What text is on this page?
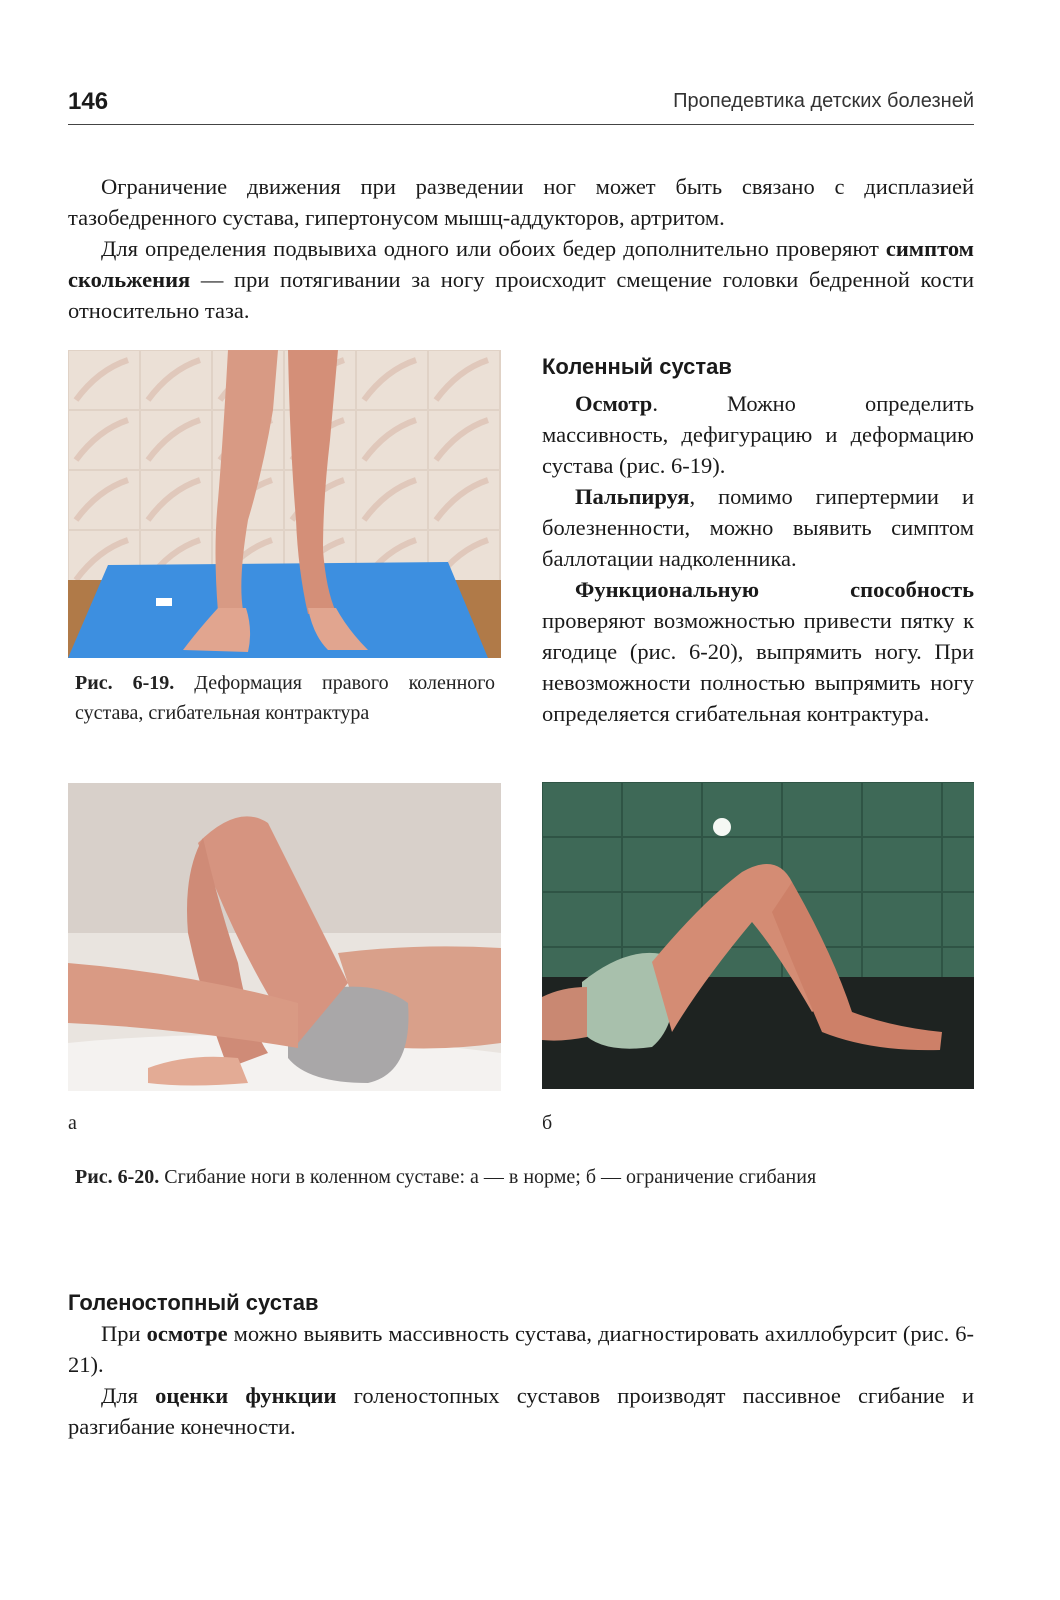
146	Пропедевтика детских болезней

Ограничение движения при разведении ног может быть связано с дисплазией тазобедренного сустава, гипертонусом мышц-аддукторов, артритом.

Для определения подвывиха одного или обоих бедер дополнительно проверяют симптом скольжения — при потягивании за ногу происходит смещение головки бедренной кости относительно таза.

Рис. 6-19. Деформация правого коленного сустава, сгибательная контрактура

Коленный сустав

Осмотр. Можно определить массивность, дефигурацию и деформацию сустава (рис. 6-19).

Пальпируя, помимо гипертермии и болезненности, можно выявить симптом баллотации надколенника.

Функциональную способность проверяют возможностью привести пятку к ягодице (рис. 6-20), выпрямить ногу. При невозможности полностью выпрямить ногу определяется сгибательная контрактура.

а	б

Рис. 6-20. Сгибание ноги в коленном суставе: а — в норме; б — ограничение сгибания

Голеностопный сустав

При осмотре можно выявить массивность сустава, диагностировать ахиллобурсит (рис. 6-21).

Для оценки функции голеностопных суставов производят пассивное сгибание и разгибание конечности.
